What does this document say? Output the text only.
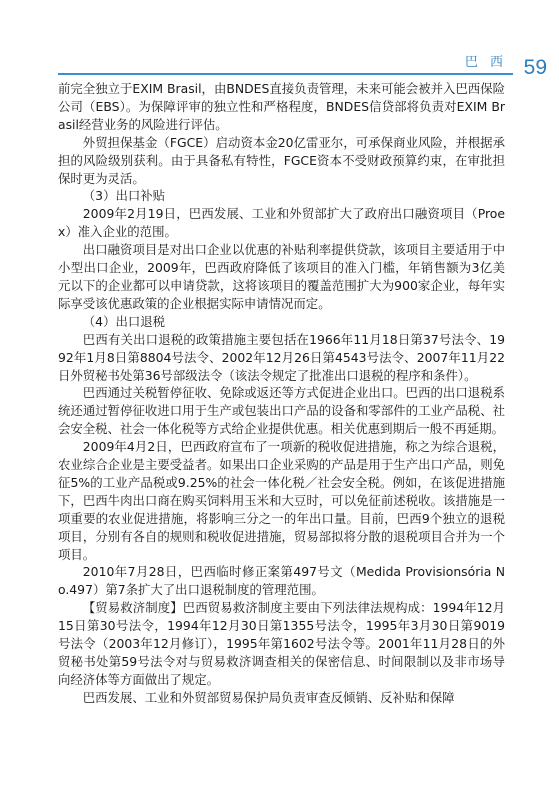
巴 西 59

前完全独立于EXIM Brasil，由BNDES直接负责管理，未来可能会被并入巴西保险公司（EBS）。为保障评审的独立性和严格程度，BNDES信贷部将负责对EXIM Brasil经营业务的风险进行评估。

外贸担保基金（FGCE）启动资本金20亿雷亚尔，可承保商业风险，并根据承担的风险级别获利。由于具备私有特性，FGCE资本不受财政预算约束，在审批担保时更为灵活。

（3）出口补贴

2009年2月19日，巴西发展、工业和外贸部扩大了政府出口融资项目（Proex）准入企业的范围。

出口融资项目是对出口企业以优惠的补贴利率提供贷款，该项目主要适用于中小型出口企业，2009年，巴西政府降低了该项目的准入门槛，年销售额为3亿美元以下的企业都可以申请贷款，这将该项目的覆盖范围扩大为900家企业，每年实际享受该优惠政策的企业根据实际申请情况而定。

（4）出口退税

巴西有关出口退税的政策措施主要包括在1966年11月18日第37号法令、1992年1月8日第8804号法令、2002年12月26日第4543号法令、2007年11月22日外贸秘书处第36号部级法令（该法令规定了批准出口退税的程序和条件）。

巴西通过关税暂停征收、免除或返还等方式促进企业出口。巴西的出口退税系统还通过暂停征收进口用于生产或包装出口产品的设备和零部件的工业产品税、社会安全税、社会一体化税等方式给企业提供优惠。相关优惠到期后一般不再延期。

2009年4月2日，巴西政府宣布了一项新的税收促进措施，称之为综合退税，农业综合企业是主要受益者。如果出口企业采购的产品是用于生产出口产品，则免征5%的工业产品税或9.25%的社会一体化税／社会安全税。例如，在该促进措施下，巴西牛肉出口商在购买饲料用玉米和大豆时，可以免征前述税收。该措施是一项重要的农业促进措施，将影响三分之一的年出口量。目前，巴西9个独立的退税项目，分别有各自的规则和税收促进措施，贸易部拟将分散的退税项目合并为一个项目。

2010年7月28日，巴西临时修正案第497号文（Medida Provisionsória No.497）第7条扩大了出口退税制度的管理范围。

【贸易救济制度】巴西贸易救济制度主要由下列法律法规构成：1994年12月15日第30号法令，1994年12月30日第1355号法令，1995年3月30日第9019号法令（2003年12月修订），1995年第1602号法令等。2001年11月28日的外贸秘书处第59号法令对与贸易救济调查相关的保密信息、时间限制以及非市场导向经济体等方面做出了规定。

巴西发展、工业和外贸部贸易保护局负责审查反倾销、反补贴和保障
